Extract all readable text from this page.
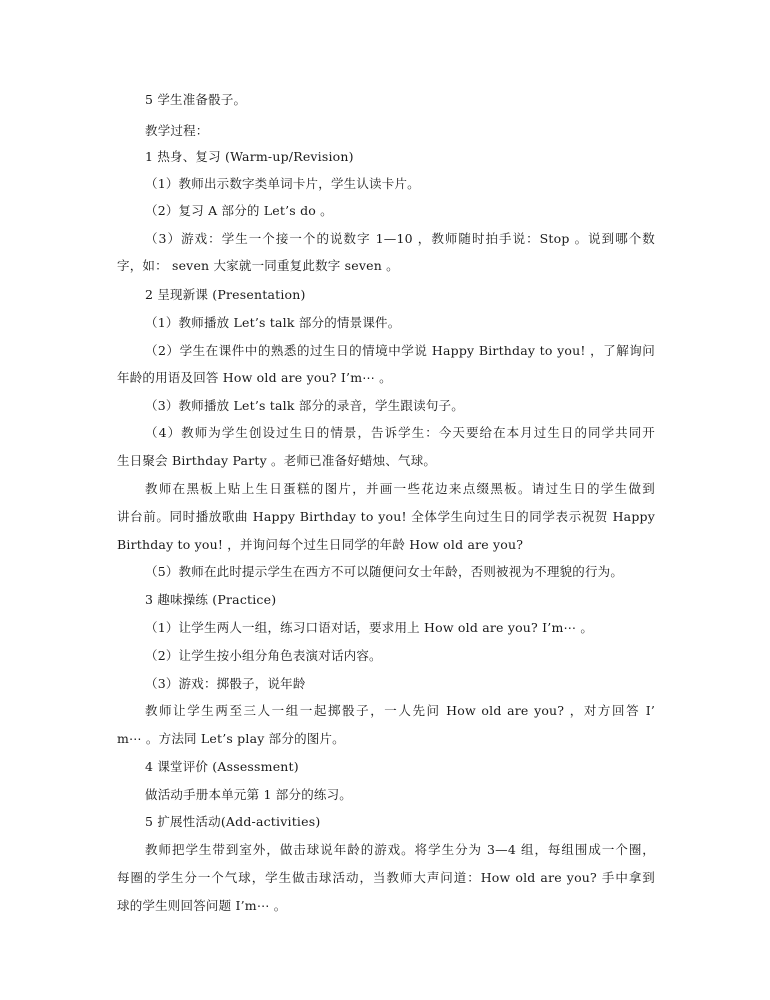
5 学生准备骰子。
教学过程：
1 热身、复习 (Warm-up/Revision)
（1）教师出示数字类单词卡片，学生认读卡片。
（2）复习 A 部分的 Let’s do 。
（3）游戏：学生一个接一个的说数字 1—10 ，教师随时拍手说：Stop 。说到哪个数
字，如： seven 大家就一同重复此数字 seven 。
2 呈现新课 (Presentation)
（1）教师播放 Let’s talk 部分的情景课件。
（2）学生在课件中的熟悉的过生日的情境中学说 Happy Birthday to you! ，了解询问
年龄的用语及回答 How old are you? I’m⋯ 。
（3）教师播放 Let’s talk 部分的录音，学生跟读句子。
（4）教师为学生创设过生日的情景，告诉学生：今天要给在本月过生日的同学共同开
生日聚会 Birthday Party 。老师已准备好蜡烛、气球。
教师在黑板上贴上生日蛋糕的图片，并画一些花边来点缀黑板。请过生日的学生做到
讲台前。同时播放歌曲 Happy Birthday to you! 全体学生向过生日的同学表示祝贺 Happy
Birthday to you! ，并询问每个过生日同学的年龄 How old are you?
（5）教师在此时提示学生在西方不可以随便问女士年龄，否则被视为不理貌的行为。
3 趣味操练 (Practice)
（1）让学生两人一组，练习口语对话，要求用上 How old are you? I’m⋯ 。
（2）让学生按小组分角色表演对话内容。
（3）游戏：掷骰子，说年龄
教师让学生两至三人一组一起掷骰子，一人先问 How old are you? ，对方回答 I’
m⋯ 。方法同 Let’s play 部分的图片。
4 课堂评价 (Assessment)
做活动手册本单元第 1 部分的练习。
5 扩展性活动(Add-activities)
教师把学生带到室外，做击球说年龄的游戏。将学生分为 3—4 组，每组围成一个圈，
每圈的学生分一个气球，学生做击球活动，当教师大声问道：How old are you? 手中拿到
球的学生则回答问题 I’m⋯ 。
